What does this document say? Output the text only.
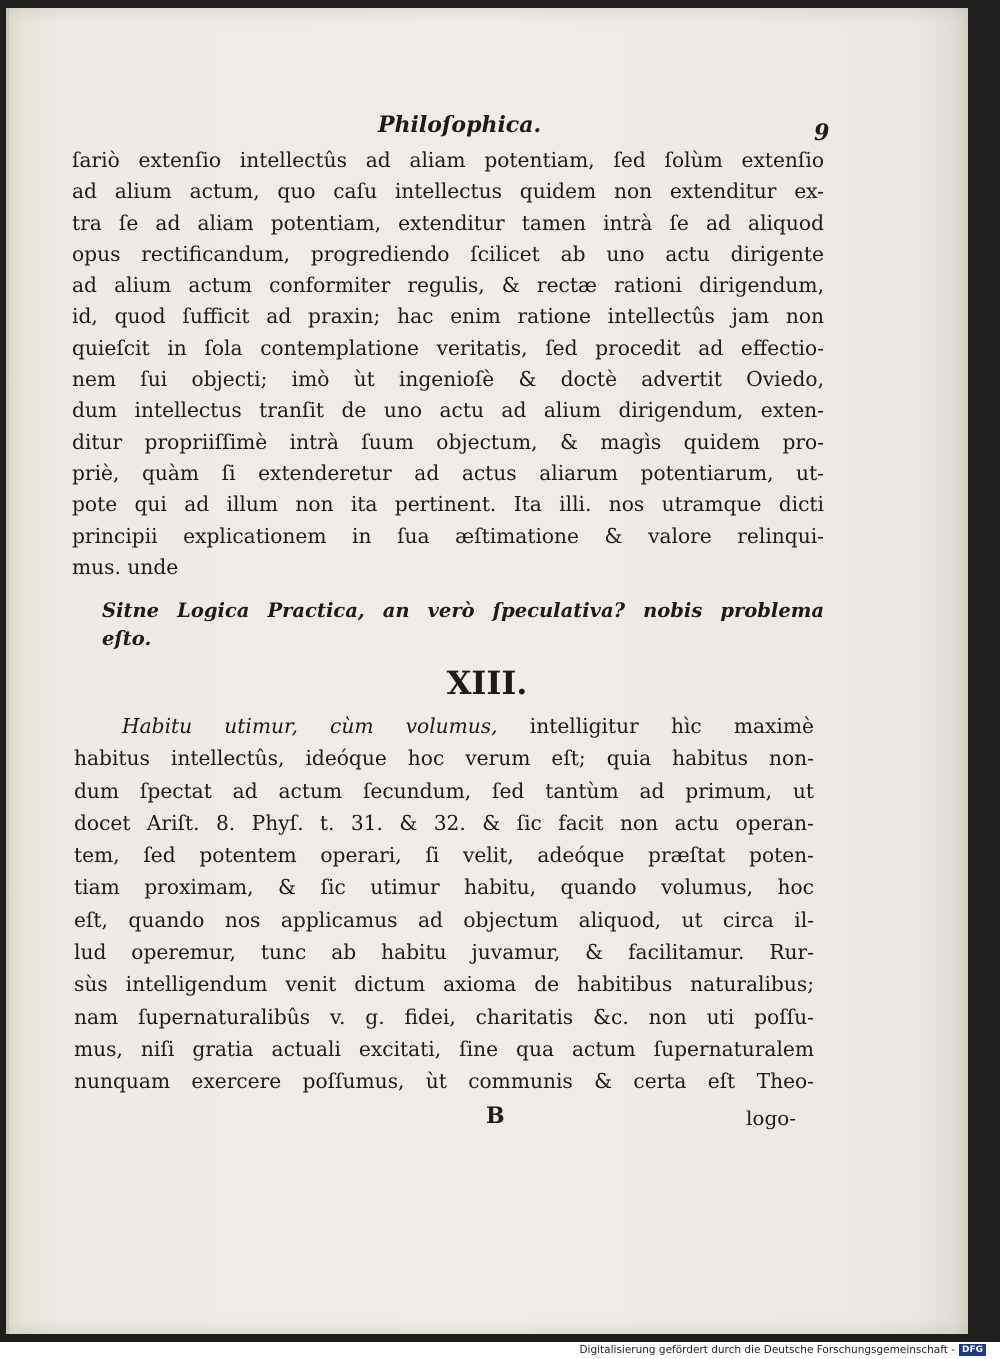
Philoſophica.	9
ſariò extenſio intellectûs ad aliam potentiam, ſed ſolùm extenſio
ad alium actum, quo caſu intellectus quidem non extenditur ex-
tra ſe ad aliam potentiam, extenditur tamen intrà ſe ad aliquod
opus rectificandum, progrediendo ſcilicet ab uno actu dirigente
ad alium actum conformiter regulis, & rectæ rationi dirigendum,
id, quod ſufficit ad praxin; hac enim ratione intellectûs jam non
quieſcit in ſola contemplatione veritatis, ſed procedit ad effectio-
nem ſui objecti; imò ùt ingenioſè & doctè advertit Oviedo,
dum intellectus tranſit de uno actu ad alium dirigendum, exten-
ditur propriiſſimè intrà ſuum objectum, & magìs quidem pro-
priè, quàm ſi extenderetur ad actus aliarum potentiarum, ut-
pote qui ad illum non ita pertinent. Ita illi. nos utramque dicti
principii explicationem in ſua æſtimatione & valore relinqui-
mus. unde
Sitne Logica Practica, an verò ſpeculativa? nobis problema
eſto.
XIII.
Habitu utimur, cùm volumus, intelligitur hìc maximè
habitus intellectûs, ideóque hoc verum eſt; quia habitus non-
dum ſpectat ad actum ſecundum, ſed tantùm ad primum, ut
docet Ariſt. 8. Phyſ. t. 31. & 32. & ſic facit non actu operan-
tem, ſed potentem operari, ſi velit, adeóque præſtat poten-
tiam proximam, & ſic utimur habitu, quando volumus, hoc
eſt, quando nos applicamus ad objectum aliquod, ut circa il-
lud operemur, tunc ab habitu juvamur, & facilitamur. Rur-
sùs intelligendum venit dictum axioma de habitibus naturalibus;
nam ſupernaturalibûs v. g. fidei, charitatis &c. non uti poſſu-
mus, niſi gratia actuali excitati, ſine qua actum ſupernaturalem
nunquam exercere poſſumus, ùt communis & certa eſt Theo-
B	logo-
Digitalisierung gefördert durch die Deutsche Forschungsgemeinschaft - DFG
